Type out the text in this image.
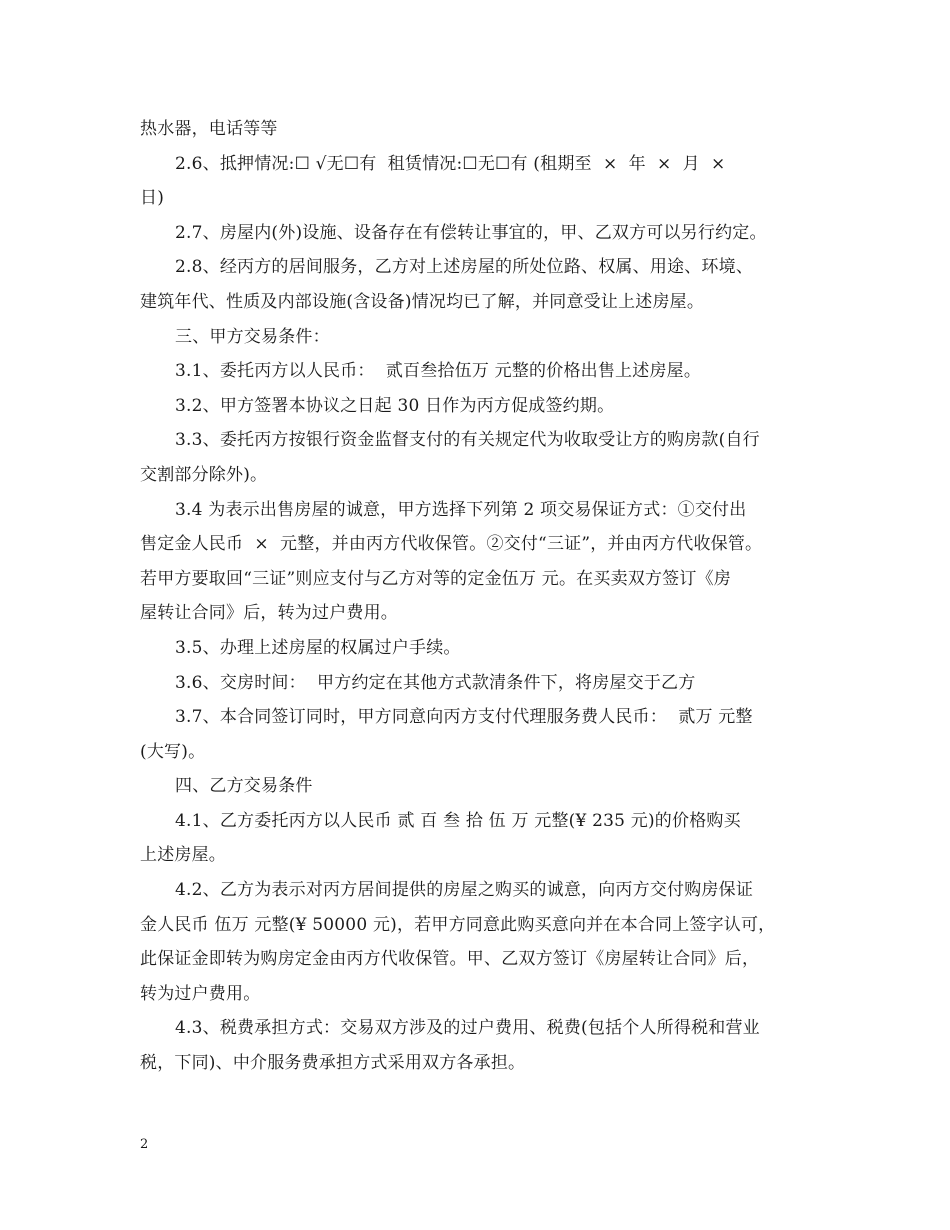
热水器，电话等等
2.6、抵押情况:☐ √无☐有  租赁情况:☐无☐有 (租期至  ×  年  ×  月  ×
日)
2.7、房屋内(外)设施、设备存在有偿转让事宜的，甲、乙双方可以另行约定。
2.8、经丙方的居间服务，乙方对上述房屋的所处位路、权属、用途、环境、
建筑年代、性质及内部设施(含设备)情况均已了解，并同意受让上述房屋。
三、甲方交易条件：
3.1、委托丙方以人民币：  贰百叁拾伍万 元整的价格出售上述房屋。
3.2、甲方签署本协议之日起 30 日作为丙方促成签约期。
3.3、委托丙方按银行资金监督支付的有关规定代为收取受让方的购房款(自行
交割部分除外)。
3.4 为表示出售房屋的诚意，甲方选择下列第 2 项交易保证方式：①交付出
售定金人民币  ×  元整，并由丙方代收保管。②交付“三证”，并由丙方代收保管。
若甲方要取回“三证”则应支付与乙方对等的定金伍万 元。在买卖双方签订《房
屋转让合同》后，转为过户费用。
3.5、办理上述房屋的权属过户手续。
3.6、交房时间：  甲方约定在其他方式款清条件下，将房屋交于乙方
3.7、本合同签订同时，甲方同意向丙方支付代理服务费人民币：  贰万 元整
(大写)。
四、乙方交易条件
4.1、乙方委托丙方以人民币 贰 百 叁 拾 伍 万 元整(¥ 235 元)的价格购买
上述房屋。
4.2、乙方为表示对丙方居间提供的房屋之购买的诚意，向丙方交付购房保证
金人民币 伍万 元整(¥ 50000 元)，若甲方同意此购买意向并在本合同上签字认可，
此保证金即转为购房定金由丙方代收保管。甲、乙双方签订《房屋转让合同》后，
转为过户费用。
4.3、税费承担方式：交易双方涉及的过户费用、税费(包括个人所得税和营业
税，下同)、中介服务费承担方式采用双方各承担。
2
